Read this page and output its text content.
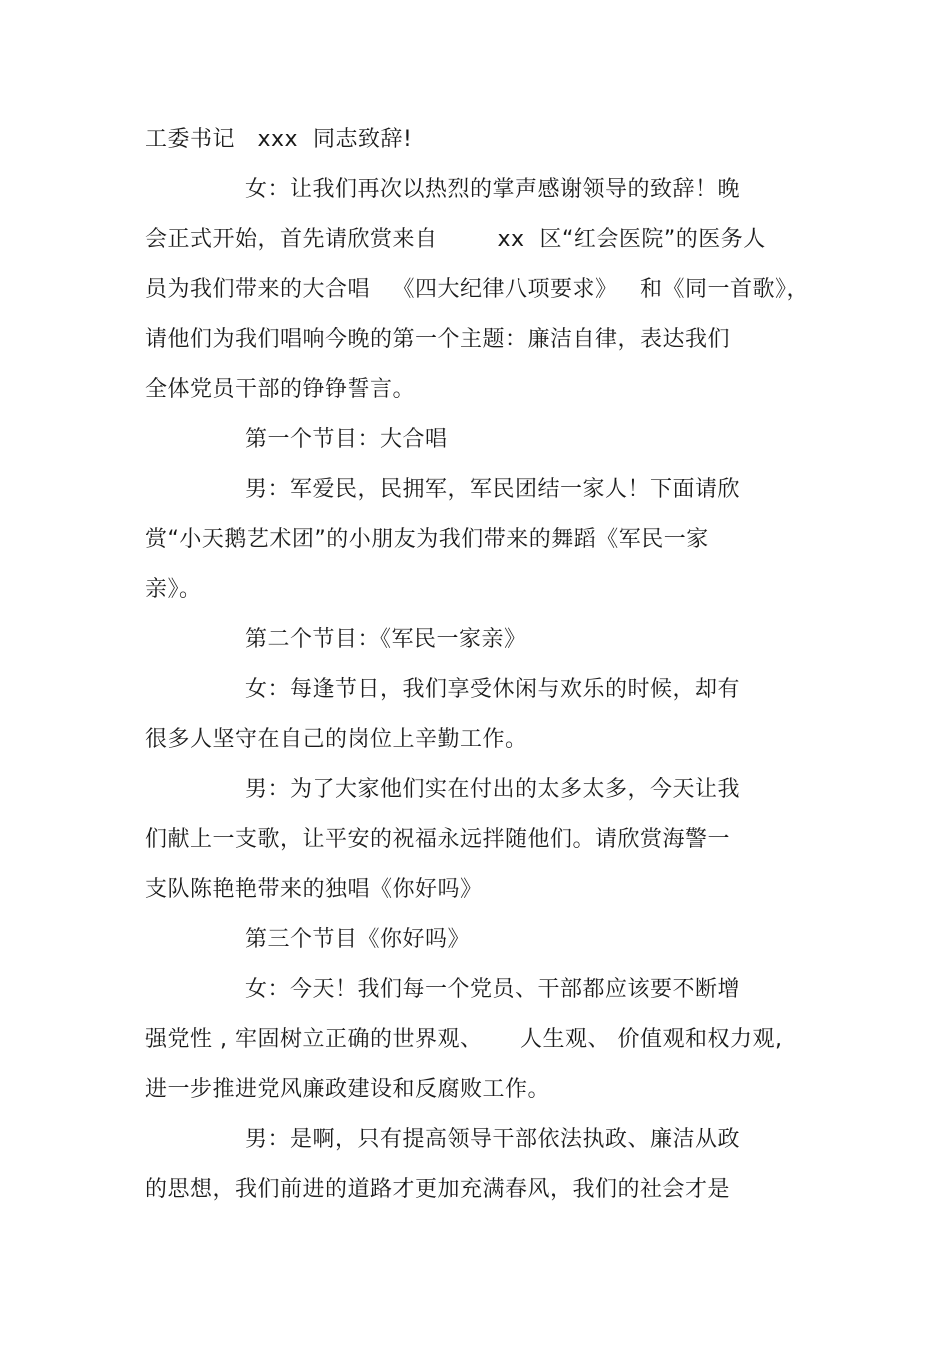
工委书记   xxx  同志致辞!
女：让我们再次以热烈的掌声感谢领导的致辞！晚
会正式开始，首先请欣赏来自        xx  区“红会医院”的医务人
员为我们带来的大合唱   《四大纪律八项要求》   和《同一首歌》，
请他们为我们唱响今晚的第一个主题：廉洁自律，表达我们
全体党员干部的铮铮誓言。
第一个节目：大合唱
男：军爱民，民拥军，军民团结一家人！下面请欣
赏“小天鹅艺术团”的小朋友为我们带来的舞蹈《军民一家
亲》。
第二个节目：《军民一家亲》
女：每逢节日，我们享受休闲与欢乐的时候，却有
很多人坚守在自己的岗位上辛勤工作。
男：为了大家他们实在付出的太多太多，今天让我
们献上一支歌，让平安的祝福永远拌随他们。请欣赏海警一
支队陈艳艳带来的独唱《你好吗》
第三个节目《你好吗》
女：今天！我们每一个党员、干部都应该要不断增
强党性 , 牢固树立正确的世界观、     人生观、 价值观和权力观,
进一步推进党风廉政建设和反腐败工作。
男：是啊，只有提高领导干部依法执政、廉洁从政
的思想，我们前进的道路才更加充满春风，我们的社会才是
